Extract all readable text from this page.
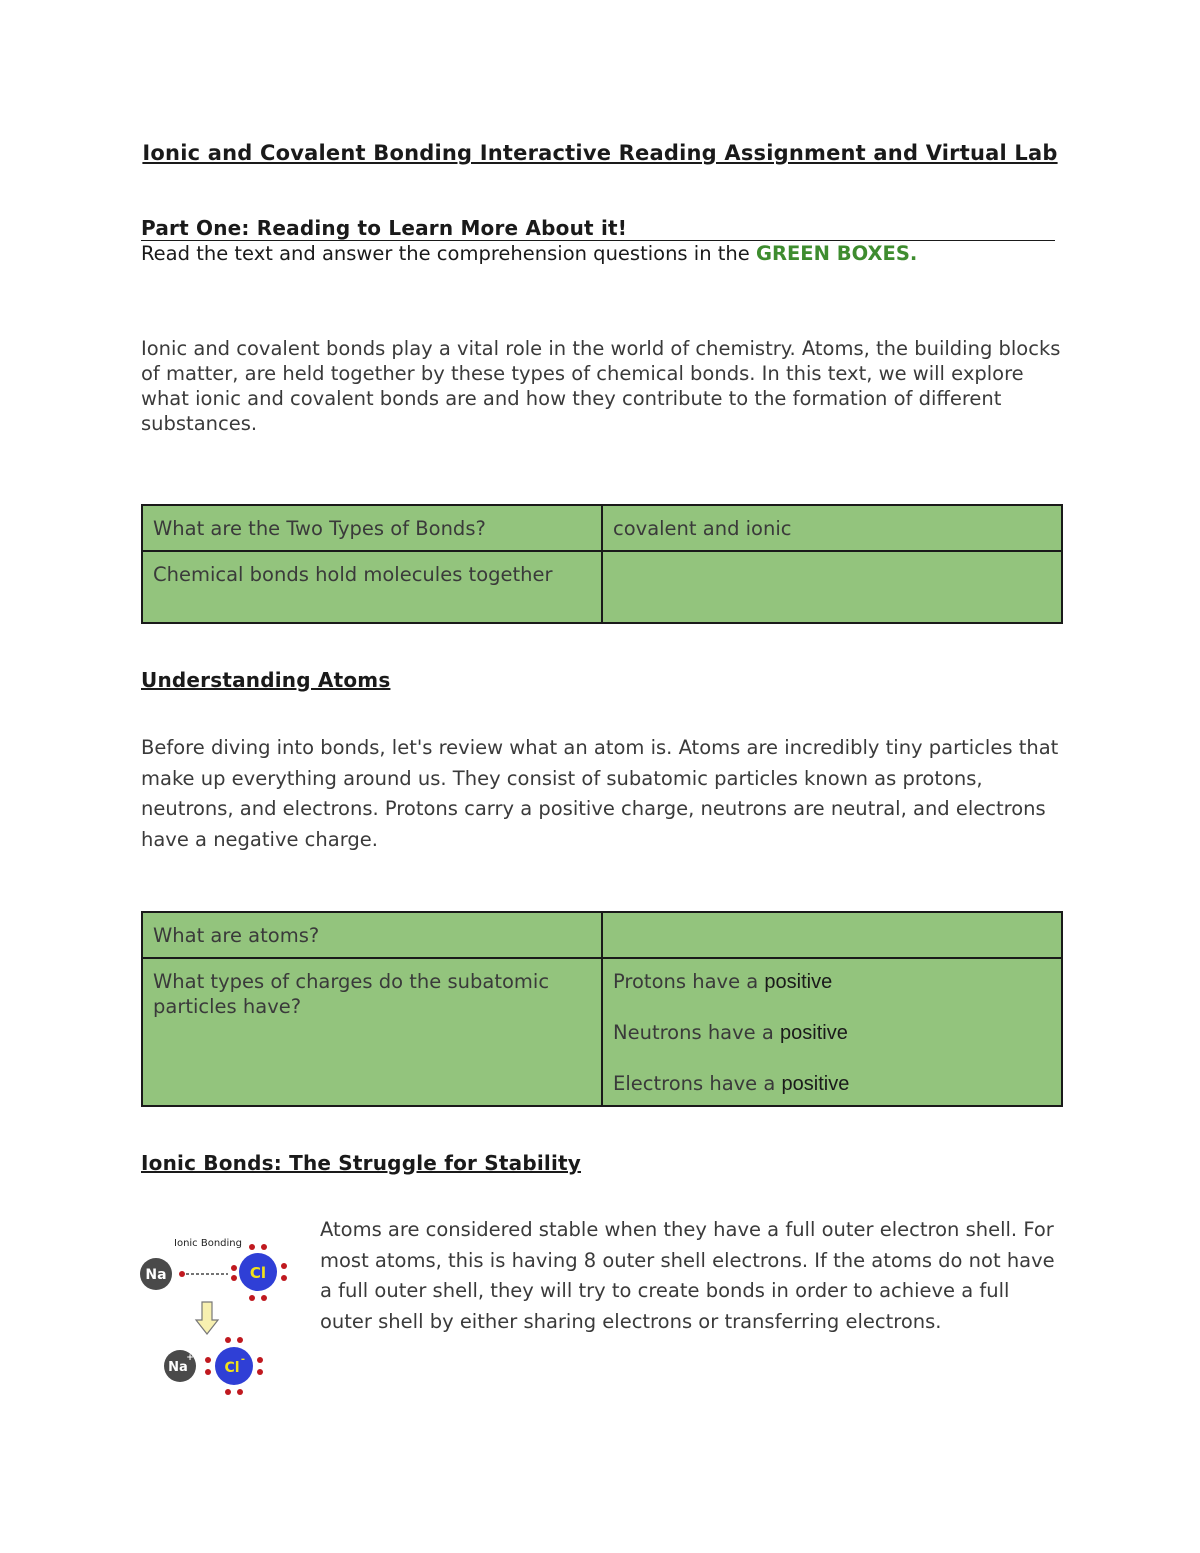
Ionic and Covalent Bonding Interactive Reading Assignment and Virtual Lab
Part One: Reading to Learn More About it!
Read the text and answer the comprehension questions in the GREEN BOXES.
Ionic and covalent bonds play a vital role in the world of chemistry. Atoms, the building blocks of matter, are held together by these types of chemical bonds. In this text, we will explore what ionic and covalent bonds are and how they contribute to the formation of different substances.
What are the Two Types of Bonds?	covalent and ionic
Chemical bonds hold molecules together	
Understanding Atoms
Before diving into bonds, let's review what an atom is. Atoms are incredibly tiny particles that make up everything around us. They consist of subatomic particles known as protons, neutrons, and electrons. Protons carry a positive charge, neutrons are neutral, and electrons have a negative charge.
What are atoms?	
What types of charges do the subatomic particles have?	Protons have a positive
Neutrons have a positive
Electrons have a positive
Ionic Bonds: The Struggle for Stability
Ionic Bonding
Na	Cl
Na
+
Cl
-
Atoms are considered stable when they have a full outer electron shell. For most atoms, this is having 8 outer shell electrons. If the atoms do not have a full outer shell, they will try to create bonds in order to achieve a full outer shell by either sharing electrons or transferring electrons.
